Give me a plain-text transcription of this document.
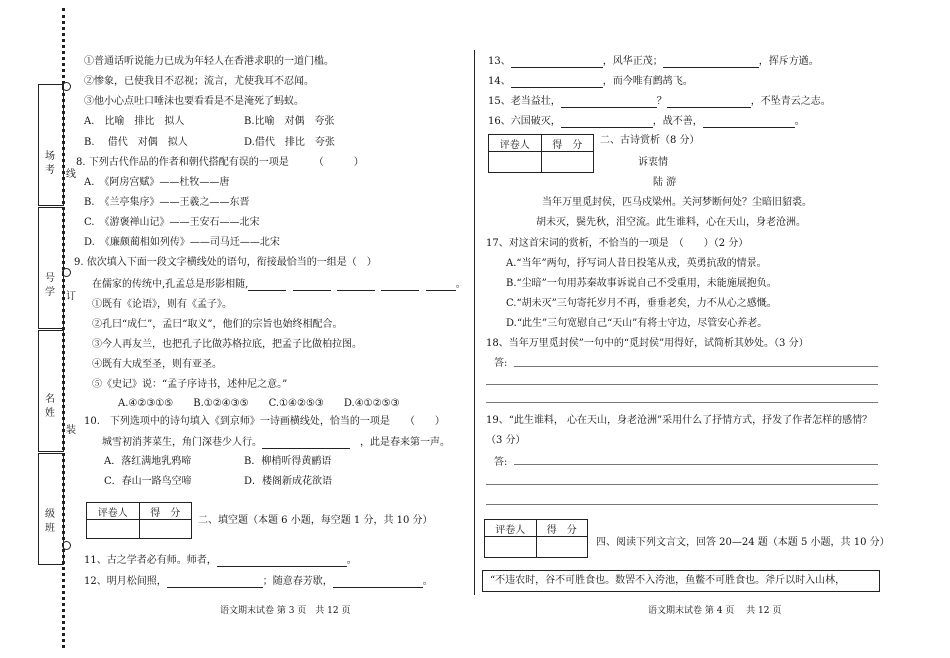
线
订
装
场
考
号
学
名
姓
级
班
①普通话听说能力已成为年轻人在香港求职的一道门槛。
②惨象，已使我目不忍视；流言，尤使我耳不忍闻。
③他小心点吐口唾沫也要看看是不是淹死了蚂蚁。
A.　比喻　排比　拟人	B.比喻　对偶　夸张
B.　 借代　对偶　拟人	D.借代　排比　夸张
8. 下列古代作品的作者和朝代搭配有误的一项是　　　（　　　）
A.　《阿房宫赋》——杜牧——唐
B.　《兰亭集序》——王羲之——东晋
C.　《游褒禅山记》——王安石——北宋
D.　《廉颇蔺相如列传》——司马迁——北宋
9. 依次填入下面一段文字横线处的语句，衔接最恰当的一组是（　）
在儒家的传统中,孔孟总是形影相随,	。
①既有《论语》，则有《孟子》。
②孔曰“成仁”，孟曰“取义”，他们的宗旨也始终相配合。
③今人再友兰，也把孔子比做苏格拉底，把孟子比做柏拉图。
④既有大成至圣，则有亚圣。
⑤《史记》说：“孟子序诗书，述仲尼之意。”
A.④②③①⑤　　B.①②④③⑤　　C.①④②⑤③　　D.④①②⑤③
10.　下列选项中的诗句填入《到京师》一诗画横线处，恰当的一项是　　（　　）
城雪初消荠菜生，角门深巷少人行。　	，此是春来第一声。
A．落红满地乳鸦啼	B．柳梢听得黄鹂语
C．春山一路鸟空啼	D．楼阁新成花欲语
评卷人	得　分

二、填空题（本题 6 小题，每空题 1 分，共 10 分）
11、古之学者必有师。师者，	。
12、明月松间照，	；随意春芳歇，	。
语文期末试卷 第 3 页　共 12 页
13、	，风华正茂；	，挥斥方遒。
14、	，而今唯有鹧鸪飞。
15、老当益壮，	？	，不坠青云之志。
16、六国破灭，	，战不善，	。
评卷人	得　分
	二、古诗赏析（8 分）
诉衷情
陆 游
当年万里觅封侯，匹马戍梁州。关河梦断何处？尘暗旧貂裘。
胡未灭，鬓先秋，泪空流。此生谁料，心在天山，身老沧洲。
17、对这首宋词的赏析，不恰当的一项是　（　　）（2 分）
A.“当年”两句，抒写词人昔日投笔从戎，英勇抗敌的情景。
B.“尘暗”一句用苏秦故事诉说自己不受重用，未能施展抱负。
C.“胡未灭”三句寄托岁月不再，垂垂老矣，力不从心之感慨。
D.“此生”三句宽慰自己“天山”有将士守边，尽管安心养老。
18、当年万里觅封侯”一句中的“觅封侯”用得好，试简析其妙处。（3 分）
答:
19、“此生谁料， 心在天山，身老沧洲”采用什么了抒情方式，抒发了作者怎样的感情？
（3 分）
答:
评卷人	得　分

四、阅读下列文言文，回答 20—24 题（本题 5 小题，共 10 分）
“不违农时，谷不可胜食也。数罟不入洿池，鱼鳖不可胜食也。斧斤以时入山林，
语文期末试卷 第 4 页　 共 12 页
